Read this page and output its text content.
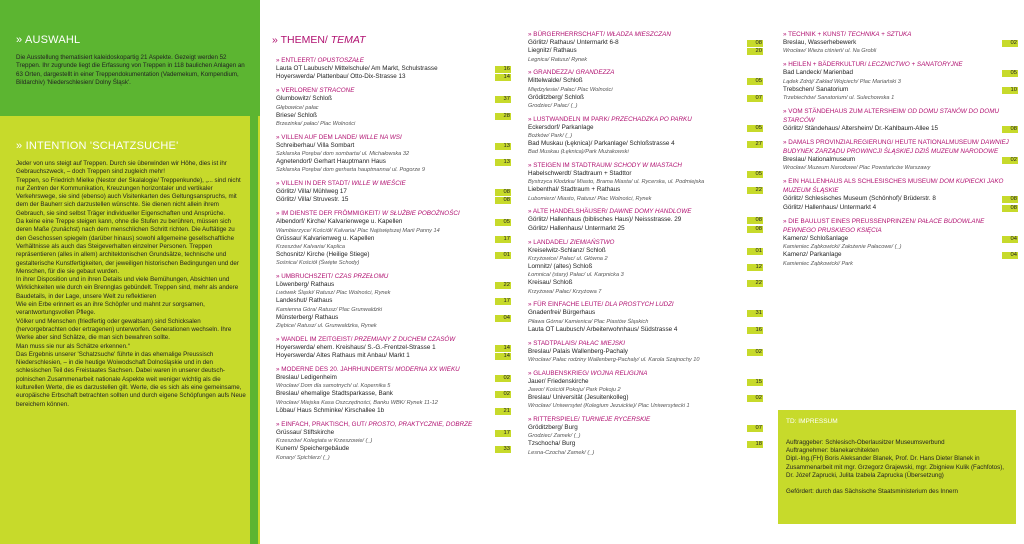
» AUSWAHL
Die Ausstellung thematisiert kaleidoskopartig 21 Aspekte. Gezeigt werden 52 Treppen. Ihr zugrunde liegt die Erfassung von Treppen in 118 baulichen Anlagen an 63 Orten, dargestellt in einer Treppendokumentation (Vademekum, Kompendium, Bildarchiv) 'Niederschlesien/ Dolny Śląsk'.
» INTENTION 'SCHATZSUCHE'
Jeder von uns steigt auf Treppen. Durch sie überwinden wir Höhe, dies ist ihr Gebrauchszweck, – doch Treppen sind zugleich mehr!
Treppen, so Friedrich Mielke (Nestor der Skalalogie/ Treppenkunde), „... sind nicht nur Zentren der Kommunikation, Kreuzungen horizontaler und vertikaler Verkehrswege, sie sind (ebenso) auch Visitenkarten des Geltungsanspruchs, mit dem der Bauherr sich darzustellen wünschte. Sie dienen nicht allein ihrem Gebrauch, sie sind selbst Träger individueller Eigenschaften und Ansprüche.
Da keine eine Treppe steigen kann, ohne die Stufen zu berühren, müssen sich deren Maße (zunächst) nach dem menschlichen Schritt richten. Die Auftätige zu den Geschossen spiegeln (darüber hinaus) sowohl allgemeine gesellschaftliche Verhältnisse als auch das Steigeverhalten einzelner Personen. Treppen repräsentieren (alles in allem) architektonischen Grundsätze, technische und gestalterische Kunstfertigkeiten, der jeweiligen historischen Bedingungen und der Menschen, für die sie gebaut wurden.
In ihrer Disposition und in ihren Details und viele Bemühungen, Absichten und Wirklichkeiten wie durch ein Brennglas gebündelt. Treppen sind, mehr als andere Baudetails, in der Lage, unsere Welt zu reflektieren
Wie ein Erbe erinnert es an ihre Schöpfer und mahnt zur sorgsamen, verantwortungsvollen Pflege.
Völker und Menschen (friedfertig oder gewaltsam) sind Schicksalen (hervorgebrachten oder ertragenen) unterworfen. Generationen wechseln. Ihre Werke aber sind Schätze, die man sich bewahren sollte.
Man muss sie nur als Schätze erkennen.“
Das Ergebnis unserer 'Schatzsuche' führte in das ehemalige Preussisch Niederschlesien, – in die heutige Woiwodschaft Dolnośląskie und in den schlesischen Teil des Freistaates Sachsen. Dabei waren in unserer deutsch-polnischen Zusammenarbeit nationale Aspekte weit weniger wichtig als die kulturellen Werte, die es darzustellen gilt. Werte, die es sich als eine gemeinsame, europäische Erbschaft betrachten sollten und durch eigene Schöpfungen aufs Neue bereichern können.
» THEMEN/ TEMAT
» ENTLEERT/ OPUSTOSZAŁE
Lauta OT Laubusch/ Mittelschule/ Am Markt, Schulstrasse	16
Hoyerswerda/ Plattenbau/ Otto-Dix-Strasse 13	14
» VERLOREN/ STRACONE
Glumbowitz/ Schloß	37
Głębowice/ pałac
Briese/ Schloß	28
Brzezinka/ pałac/ Plac Wolności
» VILLEN AUF DEM LANDE/ WILLE NA WSI
Schreiberhau/ Villa Sombart	13
Szklarska Poręba/ dom sombarta/ ul. Michałowska 32
Agnetendorf/ Gerhart Hauptmann Haus	13
Szklarska Poręba/ dom gerharta hauptmanna/ ul. Pogorze 9
» VILLEN IN DER STADT/ WILLE W MIEŚCIE
Görlitz/ Villa/ Mühlweg 17	08
Görlitz/ Villa/ Struvestr. 15	08
» IM DIENSTE DER FRÖMMIGKEIT/ W SŁUŻBIE POBOŻNOŚCI
Albendorf/ Kirche/ Kalvarienwege u. Kapellen	05
Wambierzyce/ Kościół/ Kalvaria/ Plac Najświętszej Marii Panny 14
Grüssau/ Kalvarienweg u. Kapellen	17
Krzeszów/ Kalvaria/ Kaplica
Schosnitz/ Kirche (Heilige Stiege)	01
Sośnica/ Kościół (Święte Schody)
» UMBRUCHSZEIT/ CZAS PRZEŁOMU
Löwenberg/ Rathaus	22
Lwówek Śląski/ Ratusz/ Plac Wolności, Rynek
Landeshut/ Rathaus	17
Kamienna Góra/ Ratusz/ Plac Grunwaldzki
Münsterberg/ Rathaus	04
Ziębice/ Ratusz/ ul. Grunwaldzka, Rynek
» WANDEL IM ZEITGEIST/ PRZEMIANY Z DUCHEM CZASÓW
Hoyerswerda/ ehem. Kreishaus/ S.-G.-Frentzel-Strasse 1	14
Hoyerswerda/ Altes Rathaus mit Anbau/ Markt 1	14
» MODERNE DES 20. JAHRHUNDERTS/ MODERNA XX WIEKU
Breslau/ Ledigenheim	02
Wrocław/ Dom dla samotnych/ ul. Kopernika 5
Breslau/ ehemalige Stadtsparkasse, Bank	02
Wrocław/ Miejska Kasa Oszczędności, Banku WBK/ Rynek 11-12
Löbau/ Haus Schminke/ Kirschallee 1b	21
» EINFACH, PRAKTISCH, GUT/ PROSTO, PRAKTYCZNIE, DOBRZE
Grüssau/ Stiftskirche	17
Krzeszów/ Kolegiata w Krzeszowie/ (_)
Kunern/ Speichergebäude	33
Konary/ Spichlerz/ (_)
» BÜRGERHERRSCHAFT/ WŁADZA MIESZCZAN
Görlitz/ Rathaus/ Untermarkt 6-8	08
Liegnitz/ Rathaus	20
Legnica/ Ratusz/ Rynek
» GRANDEZZA/ GRANDEZZA
Mittelwalde/ Schloß	05
Międzylesie/ Pałac/ Plac Wolności
Gröditzberg/ Schloß	07
Grodziec/ Pałac/ (_)
» LUSTWANDELN IM PARK/ PRZECHADZKA PO PARKU
Eckersdorf/ Parkanlage	05
Bożków/ Park/ (_)
Bad Muskau (Łęknica)/ Parkanlage/ Schloßstrasse 4	27
Bad Muskau (Łęknica)/Park Mużakowski
» STEIGEN IM STADTRAUM/ SCHODY W MIASTACH
Habelschwerdt/ Stadtraum + Stadttor	05
Bystrzyca Kłodzka/ Miasto, Brama Miasta/ ul. Rycerska, ul. Podmiejska
Liebenthal/ Stadtraum + Rathaus	22
Lubomierz/ Miasto, Ratusz/ Plac Wolności, Rynek
» ALTE HANDELSHÄUSER/ DAWNE DOMY HANDLOWE
Görlitz/ Hallenhaus (biblisches Haus)/ Neissstrasse. 29	08
Görlitz/ Hallenhaus/ Untermarkt 25	08
» LANDADEL/ ZIEMIAŃSTWO
Kreiselwitz-Schlanz/ Schloß	01
Krzyżowice/ Pałac/ ul. Główna 2
Lomnitz/ (altes) Schloß	12
Łomnica/ (stary) Pałac/ ul. Karpnicka 3
Kreisau/ Schloß	22
Krzyżowa/ Pałac/ Krzyżowa 7
» FÜR EINFACHE LEUTE/ DLA PROSTYCH LUDZI
Gnadenfrei/ Bürgerhaus	31
Piława Górna/ Kamienica/ Plac Piastów Śląskich
Lauta OT Laubusch/ Arbeiterwohnhaus/ Südstrasse 4	16
» STADTPALAIS/ PAŁAC MIEJSKI
Breslau/ Palais Wallenberg-Pachaly	02
Wrocław/ Pałac rodziny Wallenberg-Pachaly/ ul. Karola Szajnochy 10
» GLAUBENSKRIEG/ WOJNA RELIGIJNA
Jauer/ Friedenskirche	15
Jawor/ Kościół Pokoju/ Park Pokoju 2
Breslau/ Universität (Jesuitenkolleg)	02
Wrocław/ Uniwersytet (Kolegium Jezuickie)/ Plac Uniwersytecki 1
» RITTERSPIELE/ TURNIEJE RYCERSKIE
Gröditzberg/ Burg	07
Grodziec/ Zamek/ (_)
Tzschocha/ Burg	18
Lesna-Czocha/ Zamek/ (_)
» TECHNIK + KUNST/ TECHNIKA + SZTUKA
Breslau, Wasserhebewerk	02
Wrocław/ Wieża ciśnień/ ul. Na Grobli
» HEILEN + BÄDERKULTUR/ LECZNICTWO + SANATORYJNE
Bad Landeck/ Marienbad	05
Lądek Zdrój/ Zakład Wojciech/ Plac Mariański 3
Trebschen/ Sanatorium	10
Trzebiechów/ Sanatorium/ ul. Sulechowska 1
» VOM STÄNDEHAUS ZUM ALTERSHEIM/ OD DOMU STANÓW DO DOMU STARCÓW
Görlitz/ Ständehaus/ Altersheim/ Dr.-Kahlbaum-Allee 15	08
» DAMALS PROVINZIALREGIERUNG/ HEUTE NATIONALMUSEUM/ DAWNIEJ BUDYNEK ZARZĄDU PROWINCJI ŚLĄSKIEJ DZIŚ MUZEUM NARODOWE
Breslau/ Nationalmuseum	02
Wrocław/ Muzeum Narodowe/ Plac Powstańców Warszawy
» EIN HALLENHAUS ALS SCHLESISCHES MUSEUM/ DOM KUPIECKI JAKO MUZEUM ŚLĄSKIE
Görlitz/ Schlesisches Museum (Schönhof)/ Brüderstr. 8	08
Görlitz/ Hallenhaus/ Untermarkt 4	08
» DIE BAULUST EINES PREUSSENPRINZEN/ PAŁACE BUDOWLANE PEWNEGO PRUSKIEGO KSIĘCIA
Kamenz/ Schloßanlage	04
Kamieniec Ząbkowicki/ Założenie Pałacowe/ (_)
Kamenz/ Parkanlage	04
Kamieniec Ząbkowicki/ Park
TD: IMPRESSUM
Auftraggeber: Schlesisch-Oberlausitzer Museumsverbund
Auftragnehmer: blanekarchitekten
Dipl.-Ing.(FH) Boris Aleksander Blanek, Prof. Dr. Hans Dieter Blanek in Zusammenarbeit mit mgr. Grzegorz Grajewski, mgr. Zbigniew Kulik (Fachfotos), Dr. Józef Zaprucki, Julita Izabela Zaprucka (Übersetzung)
Gefördert: durch das Sächsische Staatsministerium des Innern
